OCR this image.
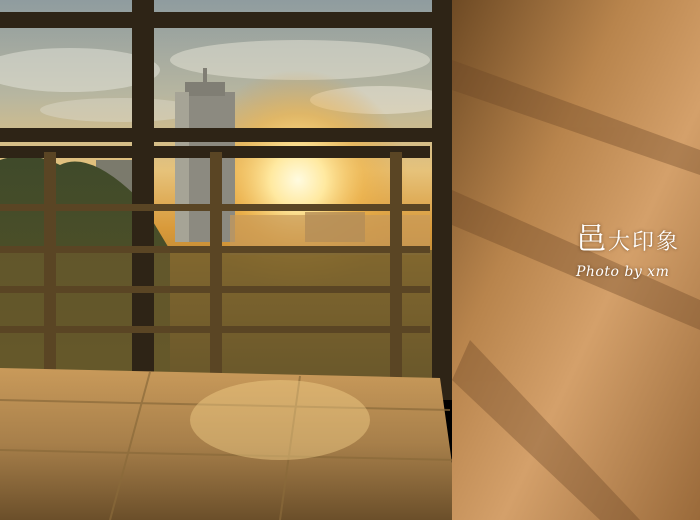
邑大印象
Photo by xm
